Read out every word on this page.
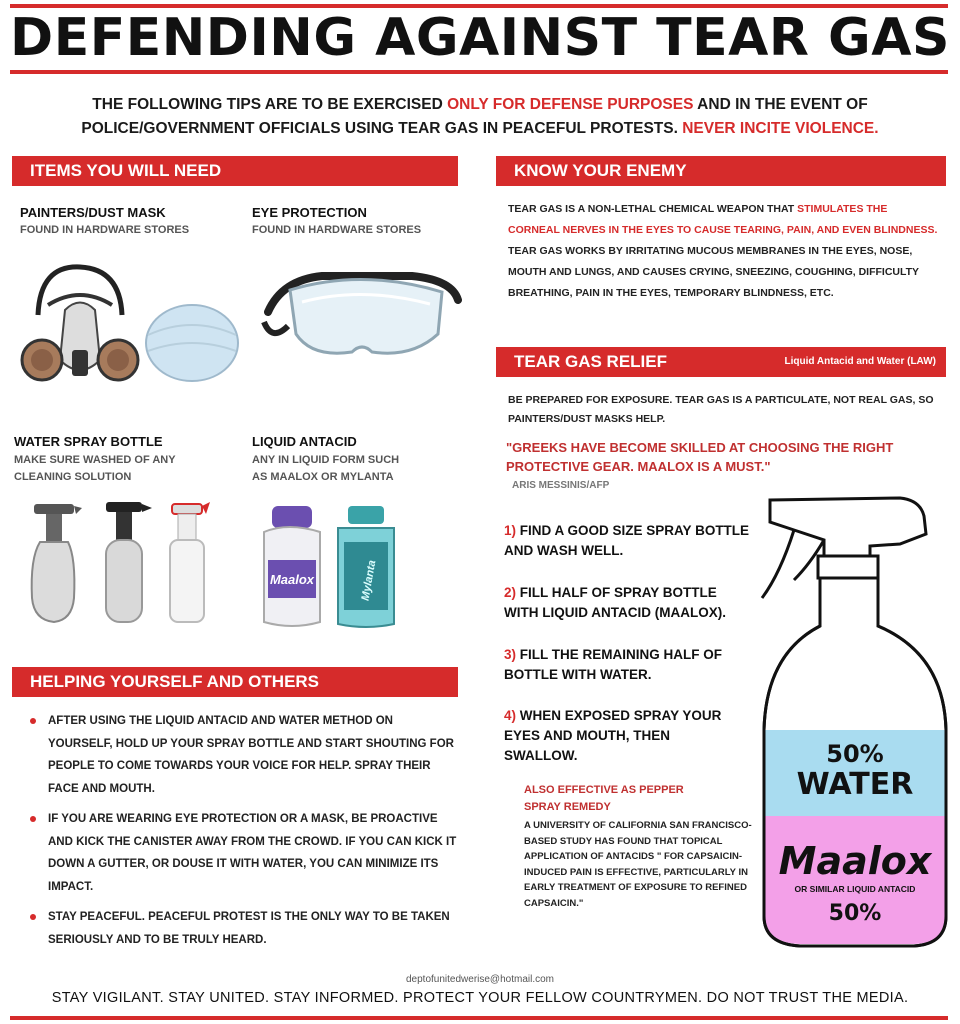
DEFENDING AGAINST TEAR GAS
THE FOLLOWING TIPS ARE TO BE EXERCISED ONLY FOR DEFENSE PURPOSES AND IN THE EVENT OF
POLICE/GOVERNMENT OFFICIALS USING TEAR GAS IN PEACEFUL PROTESTS. NEVER INCITE VIOLENCE.
ITEMS YOU WILL NEED
PAINTERS/DUST MASK
FOUND IN HARDWARE STORES
EYE PROTECTION
FOUND IN HARDWARE STORES
WATER SPRAY BOTTLE
MAKE SURE WASHED OF ANY
CLEANING SOLUTION
LIQUID ANTACID
ANY IN LIQUID FORM SUCH
AS MAALOX OR MYLANTA
Maalox	Mylanta
HELPING YOURSELF AND OTHERS
AFTER USING THE LIQUID ANTACID AND WATER METHOD ON YOURSELF, HOLD UP YOUR SPRAY BOTTLE AND START SHOUTING FOR PEOPLE TO COME TOWARDS YOUR VOICE FOR HELP. SPRAY THEIR FACE AND MOUTH.
IF YOU ARE WEARING EYE PROTECTION OR A MASK, BE PROACTIVE AND KICK THE CANISTER AWAY FROM THE CROWD. IF YOU CAN KICK IT DOWN A GUTTER, OR DOUSE IT WITH WATER, YOU CAN MINIMIZE ITS IMPACT.
STAY PEACEFUL. PEACEFUL PROTEST IS THE ONLY WAY TO BE TAKEN SERIOUSLY AND TO BE TRULY HEARD.
KNOW YOUR ENEMY
TEAR GAS IS A NON-LETHAL CHEMICAL WEAPON THAT STIMULATES THE CORNEAL NERVES IN THE EYES TO CAUSE TEARING, PAIN, AND EVEN BLINDNESS. TEAR GAS WORKS BY IRRITATING MUCOUS MEMBRANES IN THE EYES, NOSE, MOUTH AND LUNGS, AND CAUSES CRYING, SNEEZING, COUGHING, DIFFICULTY BREATHING, PAIN IN THE EYES, TEMPORARY BLINDNESS, ETC.
TEAR GAS RELIEF	Liquid Antacid and Water (LAW)
BE PREPARED FOR EXPOSURE. TEAR GAS IS A PARTICULATE, NOT REAL GAS, SO PAINTERS/DUST MASKS HELP.
"GREEKS HAVE BECOME SKILLED AT CHOOSING THE RIGHT PROTECTIVE GEAR. MAALOX IS A MUST."
ARIS MESSINIS/AFP
1) FIND A GOOD SIZE SPRAY BOTTLE AND WASH WELL.
2) FILL HALF OF SPRAY BOTTLE WITH LIQUID ANTACID (MAALOX).
3) FILL THE REMAINING HALF OF BOTTLE WITH WATER.
4) WHEN EXPOSED SPRAY YOUR EYES AND MOUTH, THEN SWALLOW.
ALSO EFFECTIVE AS PEPPER SPRAY REMEDY
A UNIVERSITY OF CALIFORNIA SAN FRANCISCO-BASED STUDY HAS FOUND THAT TOPICAL APPLICATION OF ANTACIDS " FOR CAPSAICIN-INDUCED PAIN IS EFFECTIVE, PARTICULARLY IN EARLY TREATMENT OF EXPOSURE TO REFINED CAPSAICIN."
50%
WATER
Maalox
OR SIMILAR LIQUID ANTACID
50%
deptofunitedwerise@hotmail.com
STAY VIGILANT. STAY UNITED. STAY INFORMED. PROTECT YOUR FELLOW COUNTRYMEN. DO NOT TRUST THE MEDIA.
